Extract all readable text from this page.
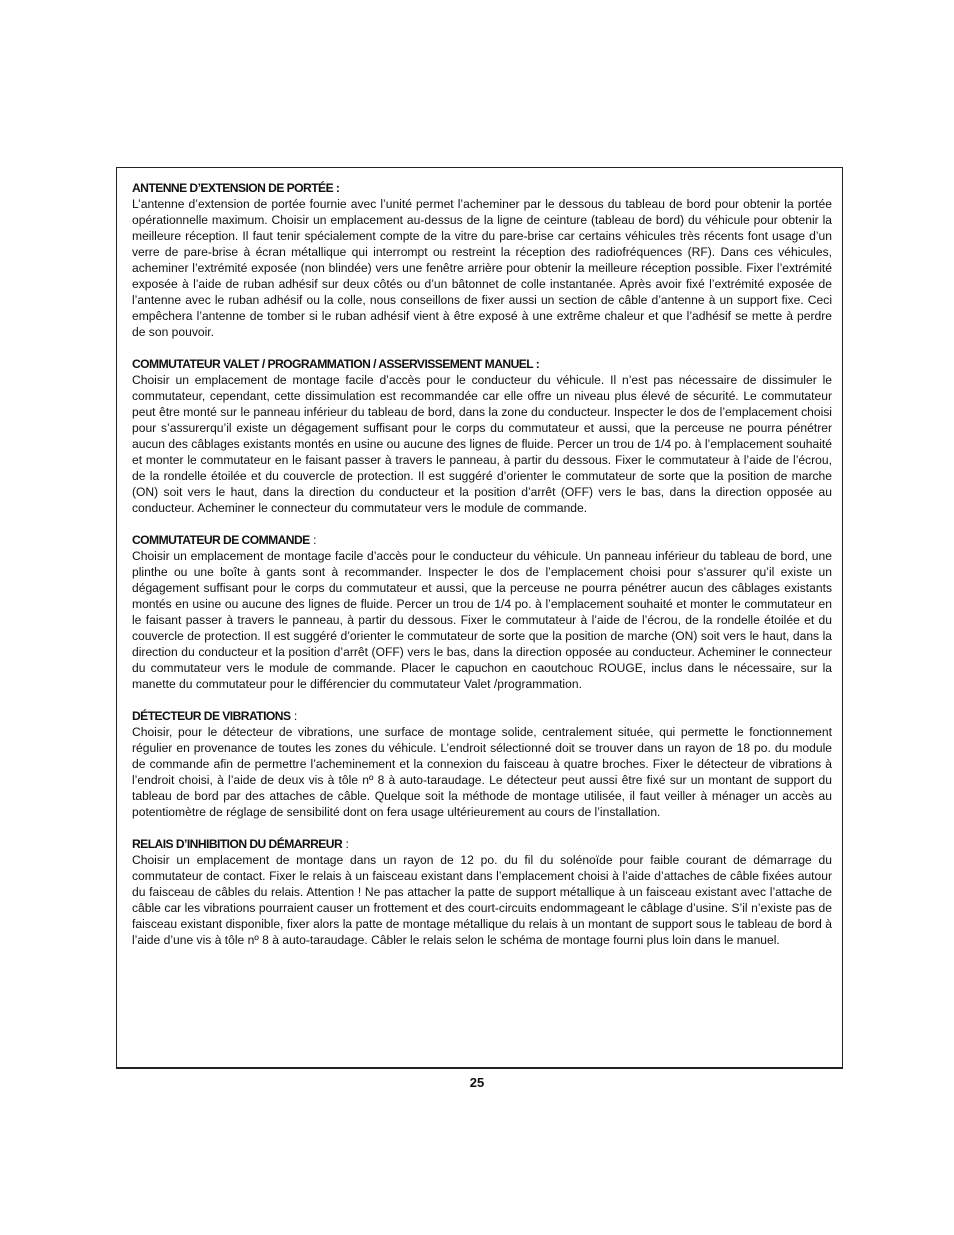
ANTENNE D’EXTENSION DE PORTÉE :
L’antenne d’extension de portée fournie avec l’unité permet l’acheminer par le dessous du tableau de bord pour obtenir la portée opérationnelle maximum. Choisir un emplacement au-dessus de la ligne de ceinture (tableau de bord) du véhicule pour obtenir la meilleure réception. Il faut tenir spécialement compte de la vitre du pare-brise car certains véhicules très récents font usage d’un verre de pare-brise à écran métallique qui interrompt ou restreint la réception des radiofréquences (RF). Dans ces véhicules, acheminer l’extrémité exposée (non blindée) vers une fenêtre arrière pour obtenir la meilleure réception possible. Fixer l’extrémité exposée à l’aide de ruban adhésif sur deux côtés ou d’un bâtonnet de colle instantanée. Après avoir fixé l’extrémité exposée de l’antenne avec le ruban adhésif ou la colle, nous conseillons de fixer aussi un section de câble d’antenne à un support fixe. Ceci empêchera l’antenne de tomber si le ruban adhésif vient à être exposé à une extrême chaleur et que l’adhésif se mette à perdre de son pouvoir.
COMMUTATEUR VALET / PROGRAMMATION / ASSERVISSEMENT MANUEL :
Choisir un emplacement de montage facile d’accès pour le conducteur du véhicule. Il n’est pas nécessaire de dissimuler le commutateur, cependant, cette dissimulation est recommandée car elle offre un niveau plus élevé de sécurité. Le commutateur peut être monté sur le panneau inférieur du tableau de bord, dans la zone du conducteur. Inspecter le dos de l’emplacement choisi pour s’assurerqu’il existe un dégagement suffisant pour le corps du commutateur et aussi, que la perceuse ne pourra pénétrer aucun des câblages existants montés en usine ou aucune des lignes de fluide. Percer un trou de 1/4 po. à l’emplacement souhaité et monter le commutateur en le faisant passer à travers le panneau, à partir du dessous. Fixer le commutateur à l’aide de l’écrou, de la rondelle étoilée et du couvercle de protection. Il est suggéré d’orienter le commutateur de sorte que la position de marche (ON) soit vers le haut, dans la direction du conducteur et la position d’arrêt (OFF) vers le bas, dans la direction opposée au conducteur. Acheminer le connecteur du commutateur vers le module de commande.
COMMUTATEUR DE COMMANDE :
Choisir un emplacement de montage facile d’accès pour le conducteur du véhicule. Un panneau inférieur du tableau de bord, une plinthe ou une boîte à gants sont à recommander. Inspecter le dos de l’emplacement choisi pour s’assurer qu’il existe un dégagement suffisant pour le corps du commutateur et aussi, que la perceuse ne pourra pénétrer aucun des câblages existants montés en usine ou aucune des lignes de fluide. Percer un trou de 1/4 po. à l’emplacement souhaité et monter le commutateur en le faisant passer à travers le panneau, à partir du dessous. Fixer le commutateur à l’aide de l’écrou, de la rondelle étoilée et du couvercle de protection. Il est suggéré d’orienter le commutateur de sorte que la position de marche (ON) soit vers le haut, dans la direction du conducteur et la position d’arrêt (OFF) vers le bas, dans la direction opposée au conducteur. Acheminer le connecteur du commutateur vers le module de commande. Placer le capuchon en caoutchouc ROUGE, inclus dans le nécessaire, sur la manette du commutateur pour le différencier du commutateur Valet /programmation.
DÉTECTEUR DE VIBRATIONS :
Choisir, pour le détecteur de vibrations, une surface de montage solide, centralement située, qui permette le fonctionnement régulier en provenance de toutes les zones du véhicule. L’endroit sélectionné doit se trouver dans un rayon de 18 po. du module de commande afin de permettre l’acheminement et la connexion du faisceau à quatre broches. Fixer le détecteur de vibrations à l’endroit choisi, à l’aide de deux vis à tôle nº 8 à auto-taraudage. Le détecteur peut aussi être fixé sur un montant de support du tableau de bord par des attaches de câble. Quelque soit la méthode de montage utilisée, il faut veiller à ménager un accès au potentiomètre de réglage de sensibilité dont on fera usage ultérieurement au cours de l’installation.
RELAIS D’INHIBITION DU DÉMARREUR :
Choisir un emplacement de montage dans un rayon de 12 po. du fil du solénoïde pour faible courant de démarrage du commutateur de contact. Fixer le relais à un faisceau existant dans l’emplacement choisi à l’aide d’attaches de câble fixées autour du faisceau de câbles du relais. Attention ! Ne pas attacher la patte de support métallique à un faisceau existant avec l’attache de câble car les vibrations pourraient causer un frottement et des court-circuits endommageant le câblage d’usine. S’il n’existe pas de faisceau existant disponible, fixer alors la patte de montage métallique du relais à un montant de support sous le tableau de bord à l’aide d’une vis à tôle nº 8 à auto-taraudage. Câbler le relais selon le schéma de montage fourni plus loin dans le manuel.
25
